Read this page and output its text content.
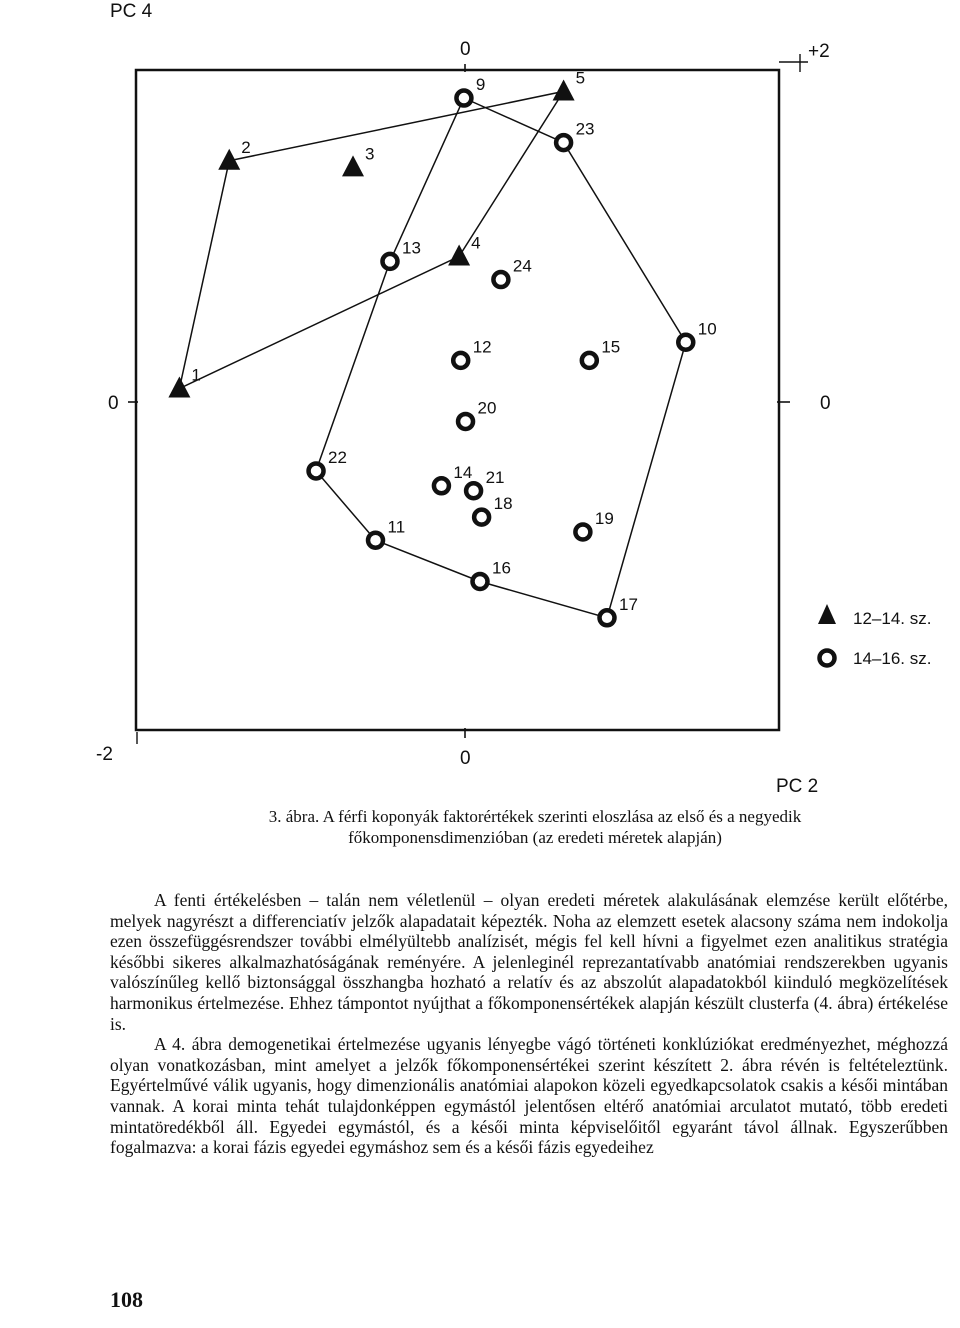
PC 4
0	+2
0	0
-2	0
PC 2
1
2	3
4
5
9
10
11
12
13
14
15
16
17
18
19
20
21
22
23
24
12–14. sz.
14–16. sz.
3. ábra. A férfi koponyák faktorértékek szerinti eloszlása az első és a negyedik
főkomponensdimenzióban (az eredeti méretek alapján)

A fenti értékelésben – talán nem véletlenül – olyan eredeti méretek alakulásának elemzése került előtérbe, melyek nagyrészt a differenciatív jelzők alapadatait képezték. Noha az elemzett esetek alacsony száma nem indokolja ezen összefüggésrendszer további elmélyültebb analízisét, mégis fel kell hívni a figyelmet ezen analitikus stratégia későbbi sikeres alkalmazhatóságának reményére. A jelenleginél reprezantatívabb anatómiai rendszerekben ugyanis valószínűleg kellő biztonsággal összhangba hozható a relatív és az abszolút alapadatokból kiinduló megközelítések harmonikus értelmezése. Ehhez támpontot nyújthat a főkomponensértékek alapján készült clusterfa (4. ábra) értékelése is.

A 4. ábra demogenetikai értelmezése ugyanis lényegbe vágó történeti konklúziókat eredményezhet, méghozzá olyan vonatkozásban, mint amelyet a jelzők főkomponensértékei szerint készített 2. ábra révén is feltételeztünk. Egyértelművé válik ugyanis, hogy dimenzionális anatómiai alapokon közeli egyedkapcsolatok csakis a késői mintában vannak. A korai minta tehát tulajdonképpen egymástól jelentősen eltérő anatómiai arculatot mutató, több eredeti mintatöredékből áll. Egyedei egymástól, és a késői minta képviselőitől egyaránt távol állnak. Egyszerűbben fogalmazva: a korai fázis egyedei egymáshoz sem és a késői fázis egyedeihez

108
